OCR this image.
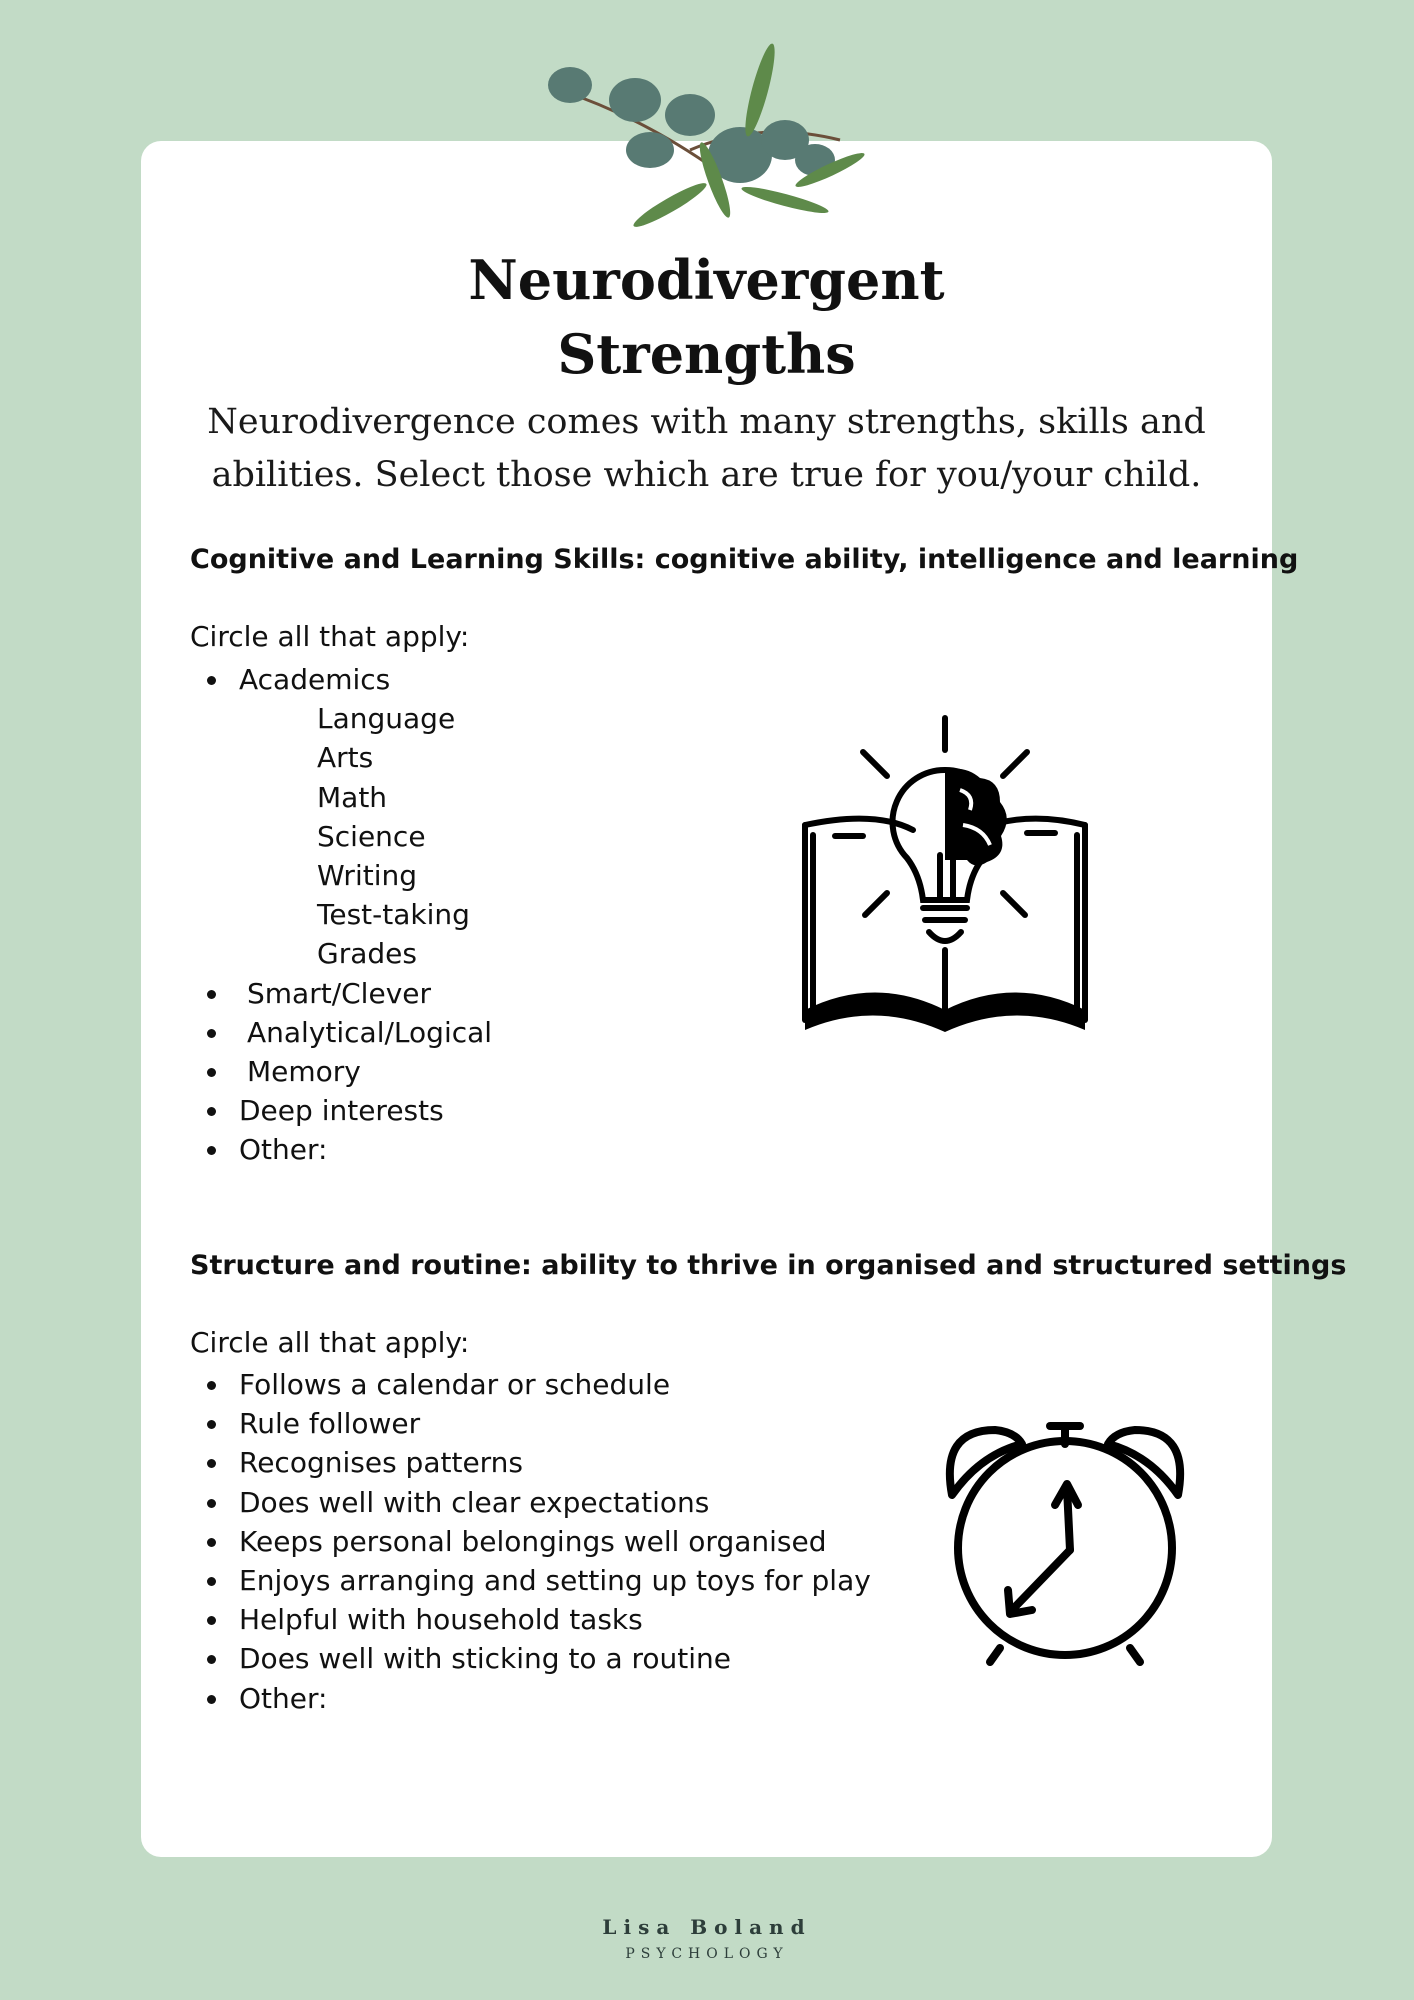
Neurodivergent
Strengths

Neurodivergence comes with many strengths, skills and
abilities. Select those which are true for you/your child.

Cognitive and Learning Skills: cognitive ability, intelligence and learning

Circle all that apply:

Academics
Language
Arts
Math
Science
Writing
Test-taking
Grades
Smart/Clever
Analytical/Logical
Memory
Deep interests
Other:
Structure and routine: ability to thrive in organised and structured settings

Circle all that apply:

Follows a calendar or schedule
Rule follower
Recognises patterns
Does well with clear expectations
Keeps personal belongings well organised
Enjoys arranging and setting up toys for play
Helpful with household tasks
Does well with sticking to a routine
Other:
Lisa Boland
PSYCHOLOGY
